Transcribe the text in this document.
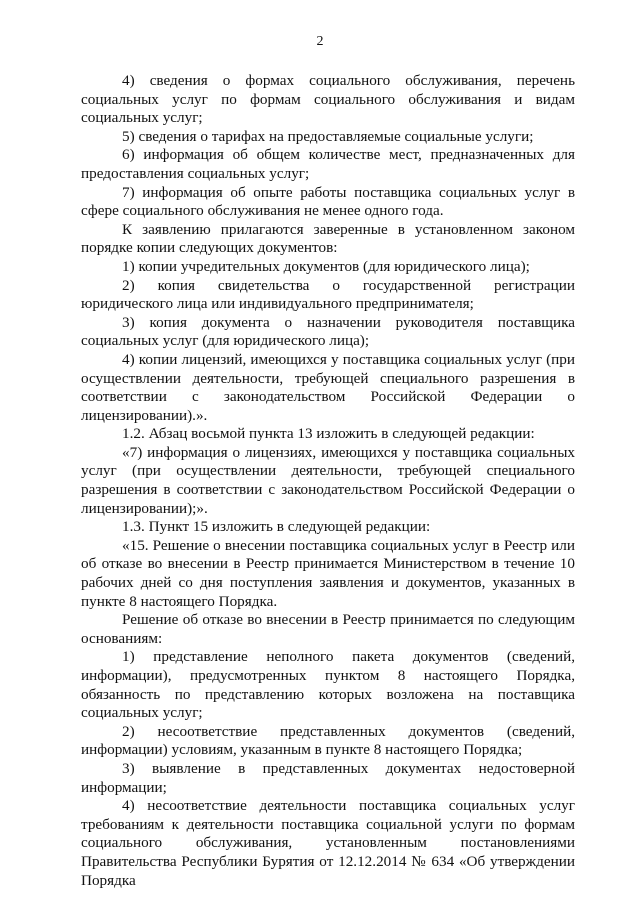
2

4) сведения о формах социального обслуживания, перечень социальных услуг по формам социального обслуживания и видам социальных услуг;

5) сведения о тарифах на предоставляемые социальные услуги;

6) информация об общем количестве мест, предназначенных для предоставления социальных услуг;

7) информация об опыте работы поставщика социальных услуг в сфере социального обслуживания не менее одного года.

К заявлению прилагаются заверенные в установленном законом порядке копии следующих документов:

1) копии учредительных документов (для юридического лица);

2) копия свидетельства о государственной регистрации юридического лица или индивидуального предпринимателя;

3) копия документа о назначении руководителя поставщика социальных услуг (для юридического лица);

4) копии лицензий, имеющихся у поставщика социальных услуг (при осуществлении деятельности, требующей специального разрешения в соответствии с законодательством Российской Федерации о лицензировании).».

1.2. Абзац восьмой пункта 13 изложить в следующей редакции:

«7) информация о лицензиях, имеющихся у поставщика социальных услуг (при осуществлении деятельности, требующей специального разрешения в соответствии с законодательством Российской Федерации о лицензировании);».

1.3. Пункт 15 изложить в следующей редакции:

«15. Решение о внесении поставщика социальных услуг в Реестр или об отказе во внесении в Реестр принимается Министерством в течение 10 рабочих дней со дня поступления заявления и документов, указанных в пункте 8 настоящего Порядка.

Решение об отказе во внесении в Реестр принимается по следующим основаниям:

1) представление неполного пакета документов (сведений, информации), предусмотренных пунктом 8 настоящего Порядка, обязанность по представлению которых возложена на поставщика социальных услуг;

2) несоответствие представленных документов (сведений, информации) условиям, указанным в пункте 8 настоящего Порядка;

3) выявление в представленных документах недостоверной информации;

4) несоответствие деятельности поставщика социальных услуг требованиям к деятельности поставщика социальной услуги по формам социального обслуживания, установленным постановлениями Правительства Республики Бурятия от 12.12.2014 № 634 «Об утверждении Порядка
